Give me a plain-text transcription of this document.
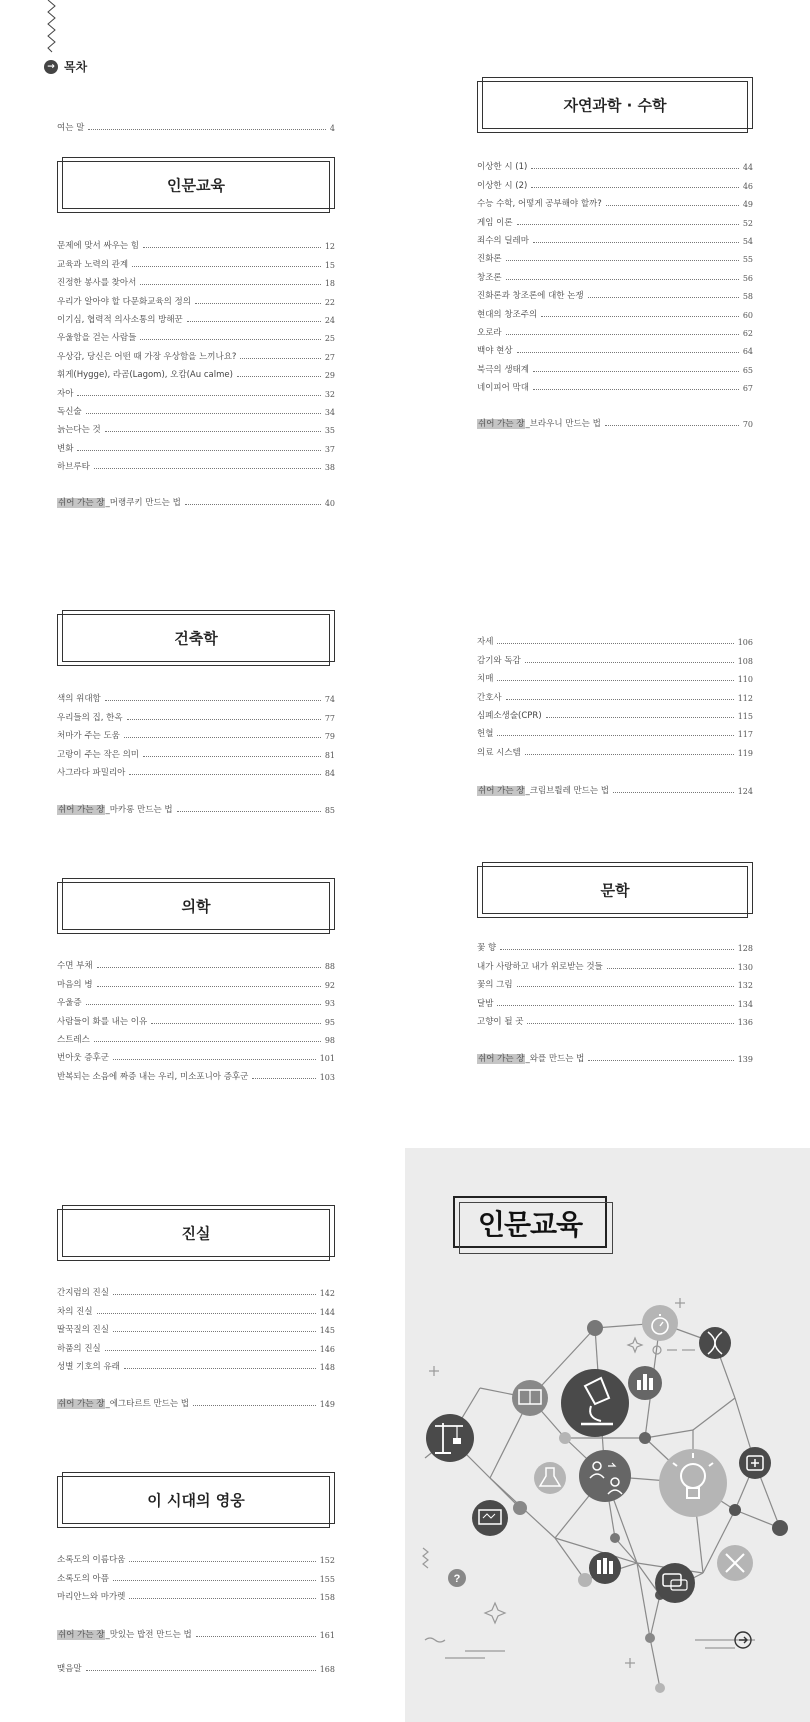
→ 목차
여는 말	4
인문교육
문제에 맞서 싸우는 힘	12
교육과 노력의 관계	15
진정한 봉사를 찾아서	18
우리가 알아야 할 다문화교육의 정의	22
이기심, 협력적 의사소통의 방해꾼	24
우울함을 걷는 사람들	25
우상감, 당신은 어떤 때 가장 우상함을 느끼나요?	27
휘게(Hygge), 라곰(Lagom), 오캄(Au calme)	29
자아	32
독신술	34
늙는다는 것	35
변화	37
하브루타	38
쉬어 가는 장_머랭쿠키 만드는 법	40
건축학
색의 위대함	74
우리들의 집, 한옥	77
처마가 주는 도움	79
고랑이 주는 작은 의미	81
사그라다 파밀리아	84
쉬어 가는 장_마카롱 만드는 법	85
의학
수면 부채	88
마음의 병	92
우울증	93
사람들이 화를 내는 이유	95
스트레스	98
번아웃 증후군	101
반복되는 소음에 짜증 내는 우리, 미소포니아 증후군	103
진실
간지럼의 진실	142
차의 진실	144
딸꾹질의 진실	145
하품의 진실	146
성별 기호의 유래	148
쉬어 가는 장_에그타르트 만드는 법	149
이 시대의 영웅
소록도의 이름다움	152
소록도의 아픔	155
마리안느와 마가렛	158
쉬어 가는 장_맛있는 밥전 만드는 법	161
맺음말	168
자연과학 · 수학
이상한 시 (1)	44
이상한 시 (2)	46
수능 수학, 어떻게 공부해야 할까?	49
게임 이론	52
죄수의 딜레마	54
진화론	55
창조론	56
진화론과 창조론에 대한 논쟁	58
현대의 창조주의	60
오로라	62
백야 현상	64
북극의 생태계	65
네이피어 막대	67
쉬어 가는 장_브라우니 만드는 법	70
자세	106
감기와 독감	108
치매	110
간호사	112
심폐소생술(CPR)	115
헌혈	117
의료 시스템	119
쉬어 가는 장_크림브륄레 만드는 법	124
문학
꽃 향	128
내가 사랑하고 내가 위로받는 것들	130
꽃의 그림	132
달밤	134
고향이 될 곳	136
쉬어 가는 장_와플 만드는 법	139
인문교육
?
